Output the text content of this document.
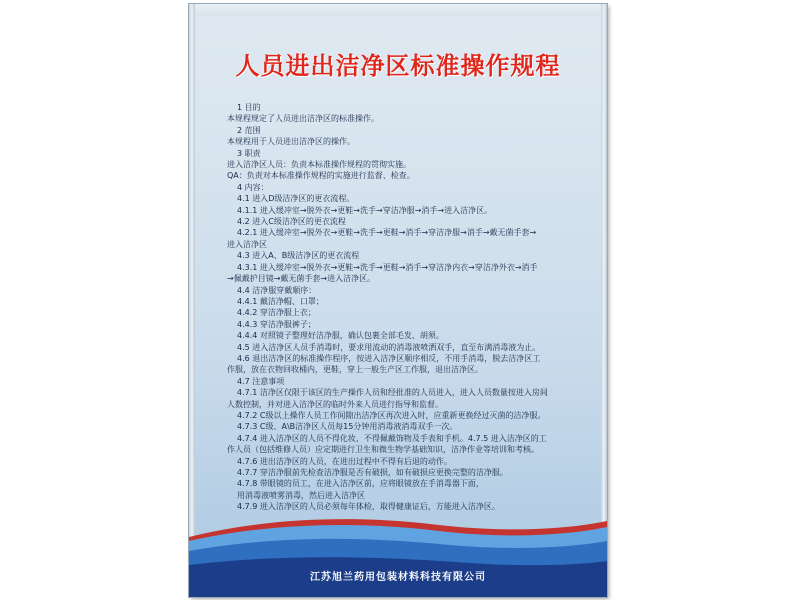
人员进出洁净区标准操作规程
1 目的
本规程规定了人员进出洁净区的标准操作。
2 范围
本规程用于人员进出洁净区的操作。
3 职责
进入洁净区人员：负责本标准操作规程的贯彻实施。
QA：负责对本标准操作规程的实施进行监督、检查。
4 内容：
4.1 进入D级洁净区的更衣流程。
4.1.1 进入缓冲室→脱外衣→更鞋→洗手→穿洁净服→消手→进入洁净区。
4.2 进入C级洁净区的更衣流程
4.2.1 进入缓冲室→脱外衣→更鞋→洗手→更鞋→消手→穿洁净服→消手→戴无菌手套→
进入洁净区
4.3 进入A、B级洁净区的更衣流程
4.3.1 进入缓冲室→脱外衣→更鞋→洗手→更鞋→消手→穿洁净内衣→穿洁净外衣→消手
→佩戴护目镜→戴无菌手套→进入洁净区。
4.4 洁净服穿戴顺序：
4.4.1 戴洁净帽、口罩；
4.4.2 穿洁净服上衣；
4.4.3 穿洁净服裤子；
4.4.4 对照镜子整理好洁净服，确认包裹全部毛发、胡须。
4.5 进入洁净区人员手消毒时，要求用流动的消毒液喷洒双手，直至布满消毒液为止。
4.6 退出洁净区的标准操作程序，按进入洁净区顺序相反，不用手消毒，脱去洁净区工
作服，放在衣物回收桶内，更鞋，穿上一般生产区工作服，退出洁净区。
4.7 注意事项
4.7.1 洁净区仅限于该区的生产操作人员和经批准的人员进入，进入人员数量按进入房间
人数控制，并对进入洁净区的临时外来人员进行指导和监督。
4.7.2 C级以上操作人员工作间隙出洁净区再次进入时，应重新更换经过灭菌的洁净服。
4.7.3 C级、A\B洁净区人员每15分钟用消毒液消毒双手一次。
4.7.4 进入洁净区的人员不得化妆，不得佩戴饰物及手表和手机。4.7.5 进入洁净区的工
作人员（包括维修人员）应定期进行卫生和微生物学基础知识，洁净作业等培训和考核。
4.7.6 进出洁净区的人员，在进出过程中不得有后退的动作。
4.7.7 穿洁净服前先检查洁净服是否有破损，如有破损应更换完整的洁净服。
4.7.8 带眼镜的员工，在进入洁净区前，应将眼镜放在手消毒器下面，
用消毒液喷雾消毒，然后进入洁净区
4.7.9 进入洁净区的人员必须每年体检，取得健康证后，方能进入洁净区。
江苏旭兰药用包装材料科技有限公司
